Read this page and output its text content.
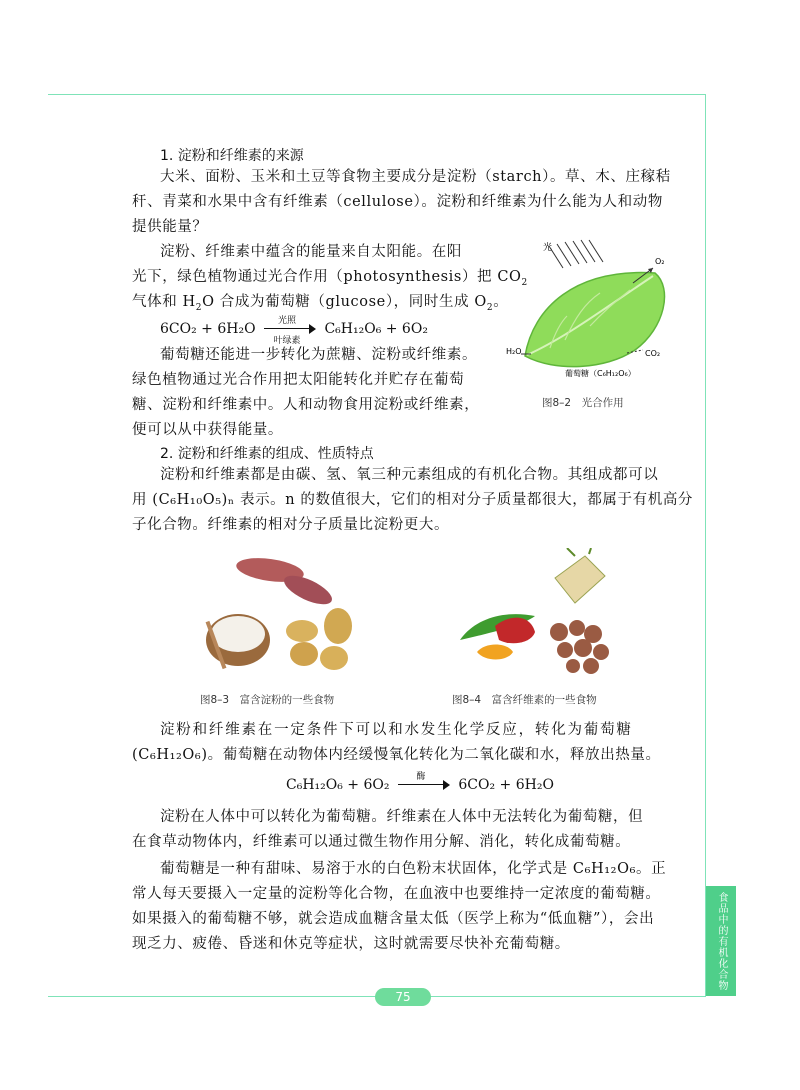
1. 淀粉和纤维素的来源
大米、面粉、玉米和土豆等食物主要成分是淀粉（starch）。草、木、庄稼秸秆、青菜和水果中含有纤维素（cellulose）。淀粉和纤维素为什么能为人和动物提供能量？
淀粉、纤维素中蕴含的能量来自太阳能。在阳
光下，绿色植物通过光合作用（photosynthesis）把 $CO_2$
气体和 $H_2O$ 合成为葡萄糖（glucose），同时生成 $O_2$。
6CO₂ + 6H₂O	光照
叶绿素
C₆H₁₂O₆ + 6O₂
葡萄糖还能进一步转化为蔗糖、淀粉或纤维素。
绿色植物通过光合作用把太阳能转化并贮存在葡萄
糖、淀粉和纤维素中。人和动物食用淀粉或纤维素，
便可以从中获得能量。
光
O₂
H₂O	CO₂
葡萄糖（C₆H₁₂O₆）
图8–2　光合作用
2. 淀粉和纤维素的组成、性质特点
淀粉和纤维素都是由碳、氢、氧三种元素组成的有机化合物。其组成都可以
用 (C₆H₁₀O₅)ₙ 表示。n 的数值很大，它们的相对分子质量都很大，都属于有机高分
子化合物。纤维素的相对分子质量比淀粉更大。
图8–3　富含淀粉的一些食物	图8–4　富含纤维素的一些食物
淀粉和纤维素在一定条件下可以和水发生化学反应，转化为葡萄糖
(C₆H₁₂O₆)。葡萄糖在动物体内经缓慢氧化转化为二氧化碳和水，释放出热量。
C₆H₁₂O₆ + 6O₂	酶	6CO₂ + 6H₂O
淀粉在人体中可以转化为葡萄糖。纤维素在人体中无法转化为葡萄糖，但
在食草动物体内，纤维素可以通过微生物作用分解、消化，转化成葡萄糖。
葡萄糖是一种有甜味、易溶于水的白色粉末状固体，化学式是 C₆H₁₂O₆。正
常人每天要摄入一定量的淀粉等化合物，在血液中也要维持一定浓度的葡萄糖。
如果摄入的葡萄糖不够，就会造成血糖含量太低（医学上称为“低血糖”），会出
现乏力、疲倦、昏迷和休克等症状，这时就需要尽快补充葡萄糖。
75
食品中的有机化合物
